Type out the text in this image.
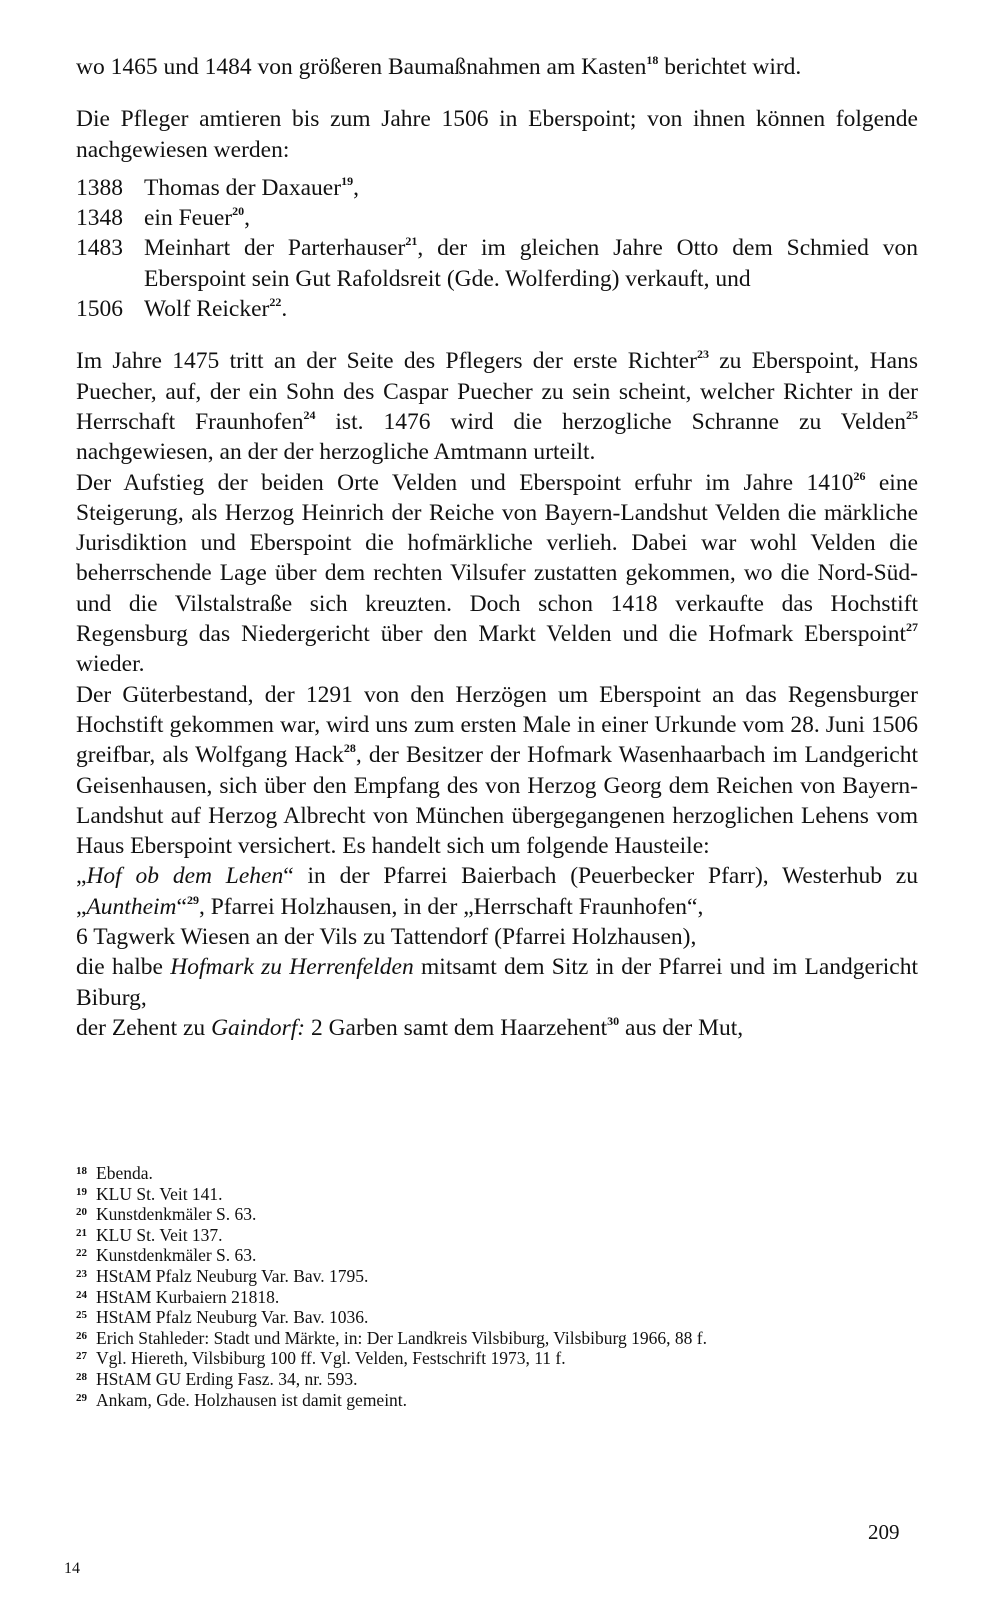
wo 1465 und 1484 von größeren Baumaßnahmen am Kasten$^{18}$ berichtet wird.

Die Pfleger amtieren bis zum Jahre 1506 in Eberspoint; von ihnen können folgende nachgewiesen werden:

1388 Thomas der Daxauer$^{19}$,
1348 ein Feuer$^{20}$,
1483 Meinhart der Parterhauser$^{21}$, der im gleichen Jahre Otto dem Schmied von Eberspoint sein Gut Rafoldsreit (Gde. Wolferding) verkauft, und
1506 Wolf Reicker$^{22}$.

Im Jahre 1475 tritt an der Seite des Pflegers der erste Richter$^{23}$ zu Eberspoint, Hans Puecher, auf, der ein Sohn des Caspar Puecher zu sein scheint, welcher Richter in der Herrschaft Fraunhofen$^{24}$ ist. 1476 wird die herzogliche Schranne zu Velden$^{25}$ nachgewiesen, an der der herzogliche Amtmann urteilt.

Der Aufstieg der beiden Orte Velden und Eberspoint erfuhr im Jahre 1410$^{26}$ eine Steigerung, als Herzog Heinrich der Reiche von Bayern-Landshut Velden die märkliche Jurisdiktion und Eberspoint die hofmärkliche verlieh. Dabei war wohl Velden die beherrschende Lage über dem rechten Vilsufer zustatten gekommen, wo die Nord-Süd- und die Vilstalstraße sich kreuzten. Doch schon 1418 verkaufte das Hochstift Regensburg das Niedergericht über den Markt Velden und die Hofmark Eberspoint$^{27}$ wieder.

Der Güterbestand, der 1291 von den Herzögen um Eberspoint an das Regensburger Hochstift gekommen war, wird uns zum ersten Male in einer Urkunde vom 28. Juni 1506 greifbar, als Wolfgang Hack$^{28}$, der Besitzer der Hofmark Wasenhaarbach im Landgericht Geisenhausen, sich über den Empfang des von Herzog Georg dem Reichen von Bayern-Landshut auf Herzog Albrecht von München übergegangenen herzoglichen Lehens vom Haus Eberspoint versichert. Es handelt sich um folgende Hausteile:

„Hof ob dem Lehen“ in der Pfarrei Baierbach (Peuerbecker Pfarr), Westerhub zu „Auntheim“$^{29}$, Pfarrei Holzhausen, in der „Herrschaft Fraunhofen“,

6 Tagwerk Wiesen an der Vils zu Tattendorf (Pfarrei Holzhausen),

die halbe Hofmark zu Herrenfelden mitsamt dem Sitz in der Pfarrei und im Landgericht Biburg,

der Zehent zu Gaindorf: 2 Garben samt dem Haarzehent$^{30}$ aus der Mut,

18 Ebenda.
19 KLU St. Veit 141.
20 Kunstdenkmäler S. 63.
21 KLU St. Veit 137.
22 Kunstdenkmäler S. 63.
23 HStAM Pfalz Neuburg Var. Bav. 1795.
24 HStAM Kurbaiern 21818.
25 HStAM Pfalz Neuburg Var. Bav. 1036.
26 Erich Stahleder: Stadt und Märkte, in: Der Landkreis Vilsbiburg, Vilsbiburg 1966, 88 f.
27 Vgl. Hiereth, Vilsbiburg 100 ff. Vgl. Velden, Festschrift 1973, 11 f.
28 HStAM GU Erding Fasz. 34, nr. 593.
29 Ankam, Gde. Holzhausen ist damit gemeint.
209
14
